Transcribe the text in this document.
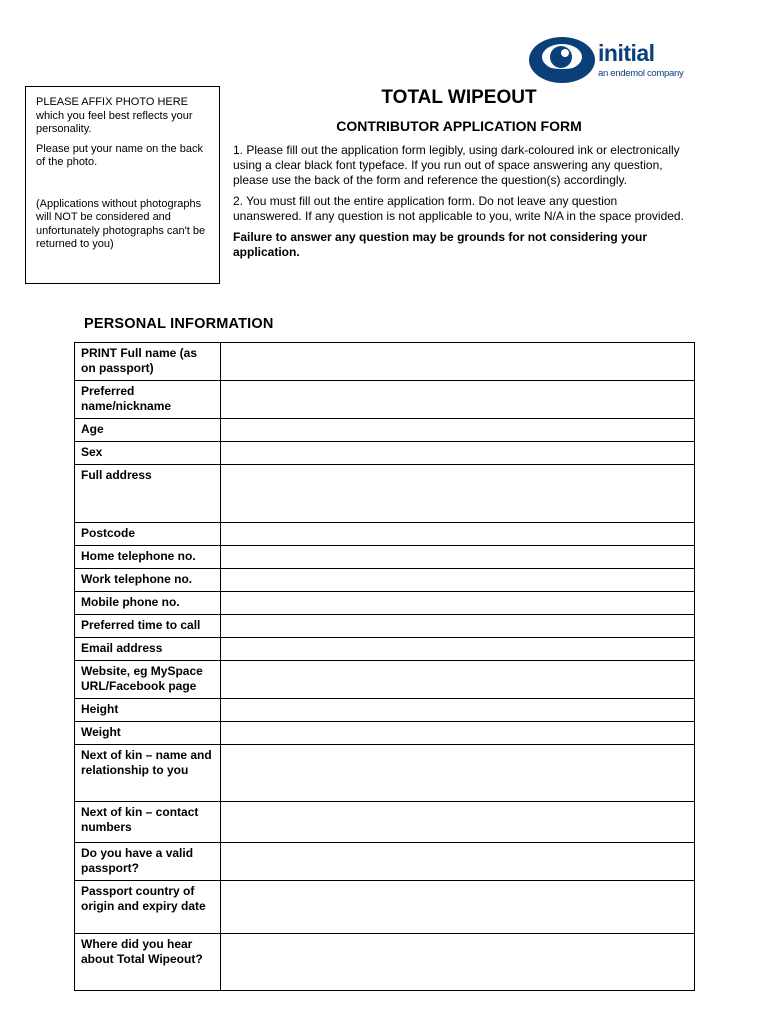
PLEASE AFFIX PHOTO HERE which you feel best reflects your personality.

Please put your name on the back of the photo.

(Applications without photographs will NOT be considered and unfortunately photographs can't be returned to you)

initial
an endemol company
TOTAL WIPEOUT
CONTRIBUTOR APPLICATION FORM

1. Please fill out the application form legibly, using dark-coloured ink or electronically using a clear black font typeface. If you run out of space answering any question, please use the back of the form and reference the question(s) accordingly.

2. You must fill out the entire application form. Do not leave any question unanswered. If any question is not applicable to you, write N/A in the space provided.

Failure to answer any question may be grounds for not considering your application.

PERSONAL INFORMATION
PRINT Full name (as on passport)	
Preferred name/nickname	
Age	
Sex	
Full address	
Postcode	
Home telephone no.	
Work telephone no.	
Mobile phone no.	
Preferred time to call	
Email address	
Website, eg MySpace URL/Facebook page	
Height	
Weight	
Next of kin – name and relationship to you	
Next of kin – contact numbers	
Do you have a valid passport?	
Passport country of origin and expiry date	
Where did you hear about Total Wipeout?	
